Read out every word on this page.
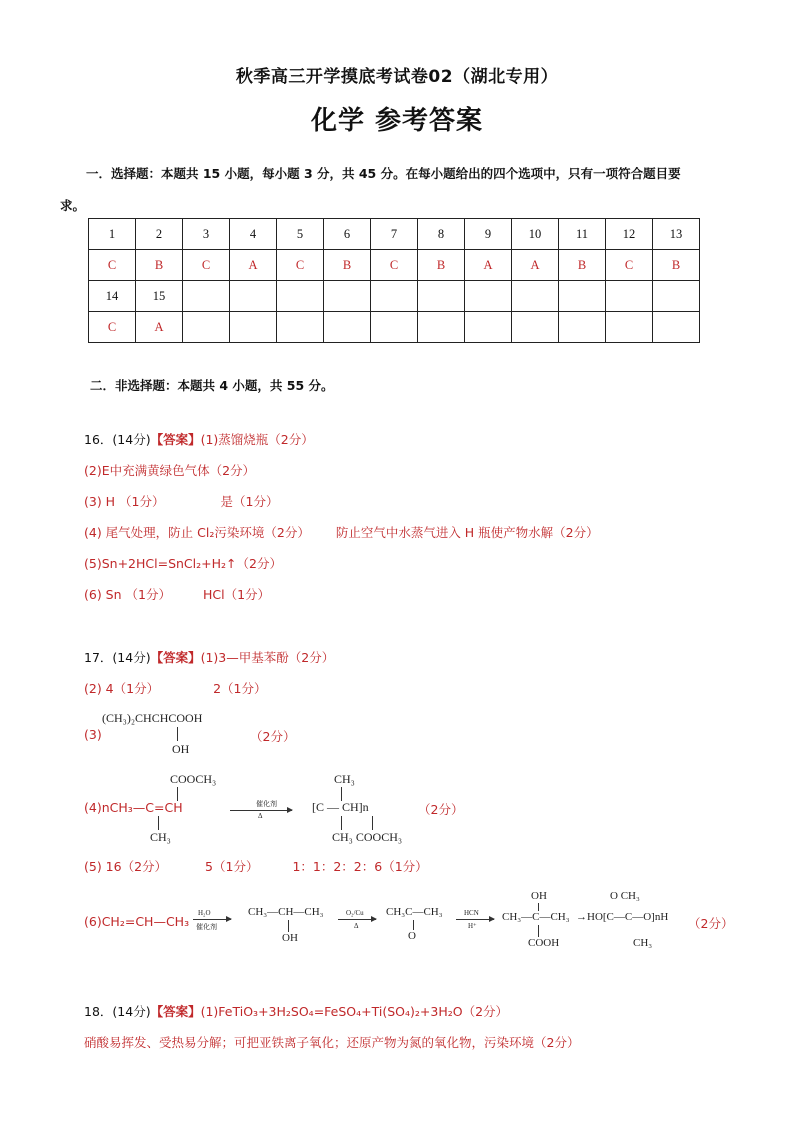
秋季高三开学摸底考试卷02（湖北专用）
化学 参考答案
一．选择题：本题共 15 小题，每小题 3 分，共 45 分。在每小题给出的四个选项中，只有一项符合题目要
求。
1	2	3	4	5	6	7	8	9	10	11	12	13
C	B	C	A	C	B	C	B	A	A	B	C	B
14	15											
C	A											
二．非选择题：本题共 4 小题，共 55 分。
16．(14分)【答案】(1)蒸馏烧瓶（2分）
(2)E中充满黄绿色气体（2分）
(3) H （1分）	是（1分）
(4) 尾气处理，防止 Cl₂污染环境（2分） 防止空气中水蒸气进入 H 瓶使产物水解（2分）
(5)Sn+2HCl=SnCl₂+H₂↑（2分）
(6) Sn （1分）	HCl（1分）
17．(14分)【答案】(1)3—甲基苯酚（2分）
(2) 4（1分）	2（1分）
(3)
(CH₃)₂CHCHCOOH
OH
（2分）
COOCH₃
(4)nCH₃—C=CH
CH₃
催化剂
Δ
CH₃
[C — CH]n
CH₃ COOCH₃
（2分）
(5) 16（2分）	5（1分）	1：1：2：2：6（1分）
(6)CH₂=CH—CH₃
H₂O
催化剂
CH₃—CH—CH₃
OH
O₂/Cu
Δ
CH₃C—CH₃
O
HCN
H⁺
OH
CH₃—C—CH₃
COOH
O CH₃
→HO[C—C—O]nH
CH₃
（2分）
18．(14分)【答案】(1)FeTiO₃+3H₂SO₄=FeSO₄+Ti(SO₄)₂+3H₂O（2分）
硝酸易挥发、受热易分解；可把亚铁离子氧化；还原产物为氮的氧化物，污染环境（2分）
